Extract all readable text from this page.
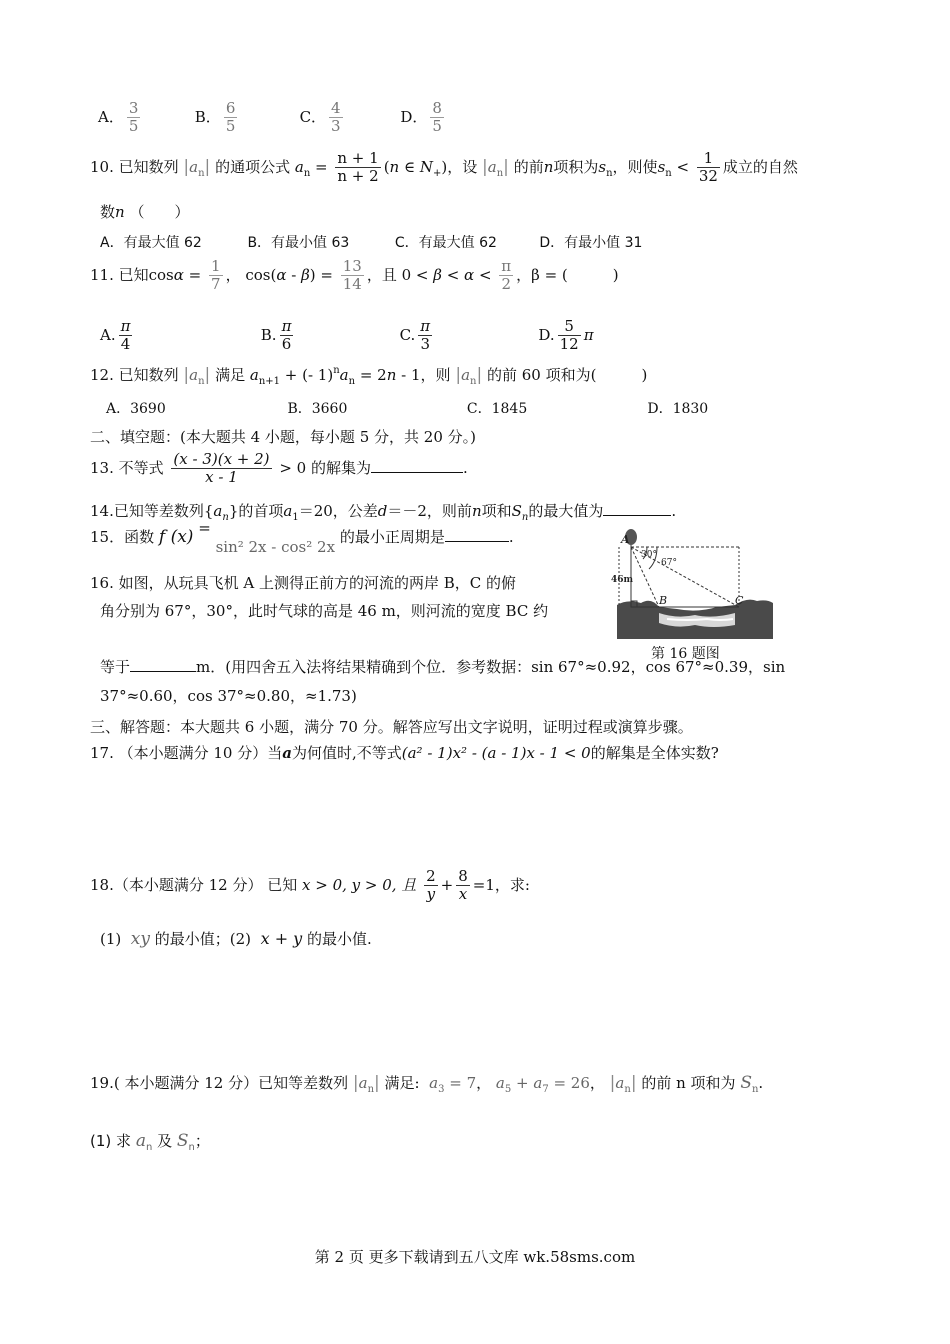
A． $\frac{3}{5}$	B． $\frac{6}{5}$	C． $\frac{4}{3}$	D． $\frac{8}{5}$
10. 已知数列 $|a_n|$ 的通项公式 $a_n = \frac{n + 1}{n + 2} (n$ ∈ $N_+$)，设 $|a_n|$ 的前n项积为$s_n$，则使$s_n < \frac{1}{32}$ 成立的自然
数n （　　）
A．有最大值 62	B．有最小值 63	C．有最大值 62	D．有最小值 31
11. 已知$\cos\alpha = \frac{1}{7}$ ， $\cos(\alpha - \beta) = \frac{13}{14}$ ，且 $0 < \beta < \alpha < \frac{\pi}{2}$ ，β = (　　　)
A. $\frac{\pi}{4}$	B. $\frac{\pi}{6}$	C. $\frac{\pi}{3}$	D. $\frac{5}{12}$ π
12. 已知数列 $|a_n|$ 满足 $a_{n+1}$ + (- $1)^na_n = 2n - 1$，则 $|a_n|$ 的前 60 项和为(　　　)
A．3690	B．3660	C．1845	D．1830
二、填空题：(本大题共 4 小题，每小题 5 分，共 20 分。)
13. 不等式 $\frac{(x - 3)(x + 2)}{x - 1} > 0$ 的解集为	.
14.已知等差数列$\{a_n\}$的首项$a_1=20$，公差d＝－2，则前n项和$S_n$的最大值为	.
15．函数 f (x) = sin² 2x - cos² 2x 的最小正周期是	.
16. 如图，从玩具飞机 A 上测得正前方的河流的两岸 B，C 的俯
角分别为 67°，30°，此时气球的高是 46 m，则河流的宽度 BC 约
A
30°
67°
46m
B	C
第 16 题图
等于	m．(用四舍五入法将结果精确到个位．参考数据：sin 67°≈0.92，cos 67°≈0.39，sin
37°≈0.60，cos 37°≈0.80，≈1.73)
三、解答题：本大题共 6 小题，满分 70 分。解答应写出文字说明，证明过程或演算步骤。
17. （本小题满分 10 分）当a为何值时,不等式(a² - 1)x² - (a - 1)x - 1 < 0的解集是全体实数?
18.（本小题满分 12 分） 已知 x > 0, y > 0, 且 $\frac{2}{y} + \frac{8}{x} =1$，求:
(1) xy 的最小值；(2) x + y 的最小值.
19.( 本小题满分 12 分）已知等差数列 $|a_n|$ 满足: $a_3 = 7$， $a_5 + a_7 = 26$， $|a_n|$ 的前 n 项和为 $S_n$.
(1) 求 $a_n$ 及 $S_n$；
第 2 页 更多下载请到五八文库 wk.58sms.com
